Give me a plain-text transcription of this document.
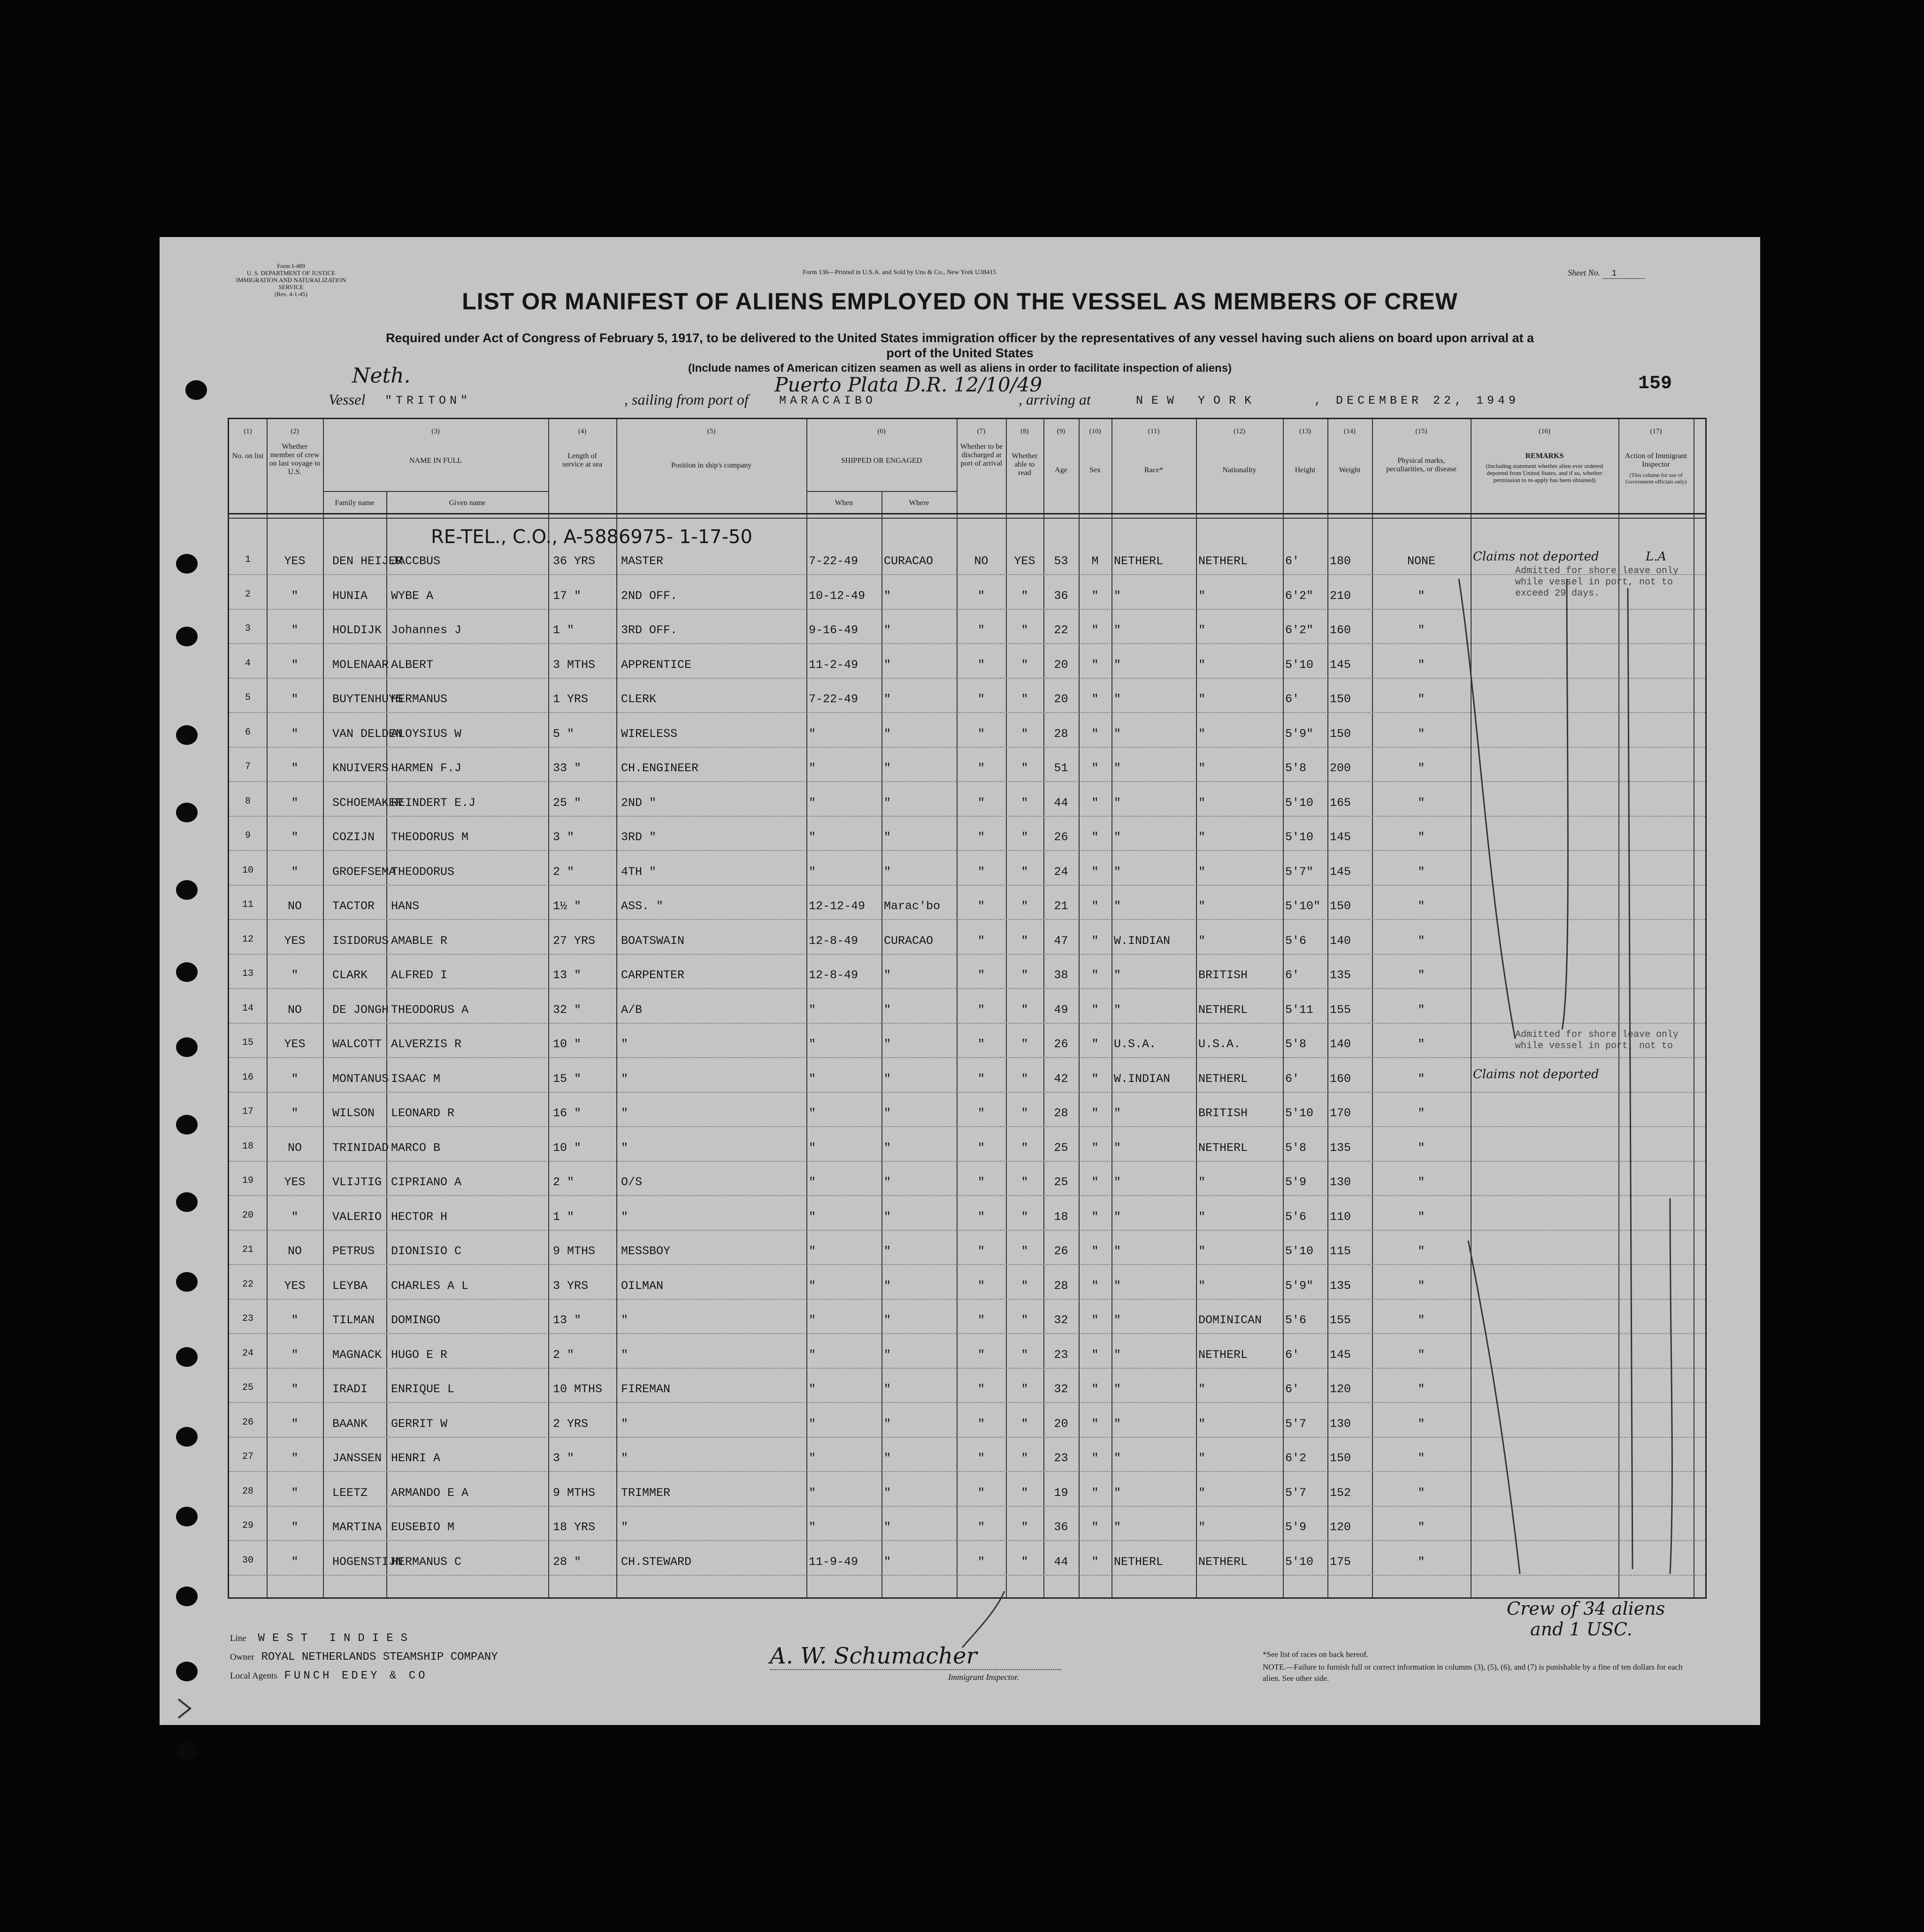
Form I-489
U. S. DEPARTMENT OF JUSTICE
IMMIGRATION AND NATURALIZATION SERVICE
(Rev. 4-1-45)
Form 136—Printed in U.S.A. and Sold by Uns & Co., New York U38415	Sheet No. 1
LIST OR MANIFEST OF ALIENS EMPLOYED ON THE VESSEL AS MEMBERS OF CREW
Required under Act of Congress of February 5, 1917, to be delivered to the United States immigration officer by the representatives of any vessel having such aliens on board upon arrival at a
port of the United States
(Include names of American citizen seamen as well as aliens in order to facilitate inspection of aliens)
Vessel
Neth.
"TRITON"	, sailing from port of
Puerto Plata D.R. 12/10/49
MARACAIBO	, arriving at	NEW YORK	, DECEMBER 22, 1949
159
(1)
No. on list
(2)
Whether member of crew on last voyage to U.S.
(3)
NAME IN FULL
Family name	Given name
(4)
Length of service at sea
(5)
Position in ship's company
(6)
SHIPPED OR ENGAGED
When	Where
(7)
Whether to be discharged at port of arrival
(8)
Whether able to read
(9)
Age
(10)
Sex
(11)
Race*
(12)
Nationality
(13)
Height
(14)
Weight
(15)
Physical marks, peculiarities, or disease
(16)
REMARKS
(Including statement whether alien ever ordered deported from United States, and if so, whether permission to re-apply has been obtained)
(17)
Action of Immigrant Inspector
(This column for use of Government officials only)
RE-TEL., C.O., A-5886975- 1-17-50
1	YES	DEN HEIJER
JACCBUS	36 YRS	MASTER	7-22-49	CURACAO	NO	YES	53	M	NETHERL	NETHERL	6'	180	NONE	Claims not deported	L.A
2	"	HUNIA	WYBE A	17 "	2ND OFF.	10-12-49	"	"	"	36	"	"	"	6'2"	210	"
3	"	HOLDIJK Johannes J	1 "	3RD OFF.	9-16-49	"	"	"	22	"	"	"	6'2"	160	"
4	"	MOLENAAR ALBERT	3 MTHS	APPRENTICE	11-2-49	"	"	"	20	"	"	"	5'10	145	"
5	"	BUYTENHUYS
HERMANUS	1 YRS	CLERK	7-22-49	"	"	"	20	"	"	"	6'	150	"
6	"	VAN DELDEN
ALOYSIUS W	5 "	WIRELESS	"	"	"	"	28	"	"	"	5'9"	150	"
7	"	KNUIVERS HARMEN F.J	33 "	CH.ENGINEER	"	"	"	"	51	"	"	"	5'8	200	"
8	"	SCHOEMAKER
REINDERT E.J	25 "	2ND "	"	"	"	"	44	"	"	"	5'10	165	"
9	"	COZIJN	THEODORUS M	3 "	3RD "	"	"	"	"	26	"	"	"	5'10	145	"
10	"	GROEFSEMA
THEODORUS	2 "	4TH "	"	"	"	"	24	"	"	"	5'7"	145	"
11	NO	TACTOR	HANS	1½ "	ASS. "	12-12-49	Marac'bo	"	"	21	"	"	"	5'10" 150	"
12	YES	ISIDORUS AMABLE R	27 YRS	BOATSWAIN	12-8-49	CURACAO	"	"	47	"	W.INDIAN	"	5'6	140	"
13	"	CLARK	ALFRED I	13 "	CARPENTER	12-8-49	"	"	"	38	"	"	BRITISH	6'	135	"
14	NO	DE JONGH THEODORUS A	32 "	A/B	"	"	"	"	49	"	"	NETHERL	5'11	155	"
15	YES	WALCOTT ALVERZIS R	10 "	"	"	"	"	"	26	"	U.S.A.	U.S.A.	5'8	140	"
16	"	MONTANUS ISAAC M	15 "	"	"	"	"	"	42	"	W.INDIAN	NETHERL	6'	160	"	Claims not deported
17	"	WILSON	LEONARD R	16 "	"	"	"	"	"	28	"	"	BRITISH	5'10	170	"
18	NO	TRINIDAD MARCO B	10 "	"	"	"	"	"	25	"	"	NETHERL	5'8	135	"
19	YES	VLIJTIG CIPRIANO A	2 "	O/S	"	"	"	"	25	"	"	"	5'9	130	"
20	"	VALERIO HECTOR H	1 "	"	"	"	"	"	18	"	"	"	5'6	110	"
21	NO	PETRUS	DIONISIO C	9 MTHS	MESSBOY	"	"	"	"	26	"	"	"	5'10	115	"
22	YES	LEYBA	CHARLES A L	3 YRS	OILMAN	"	"	"	"	28	"	"	"	5'9"	135	"
23	"	TILMAN	DOMINGO	13 "	"	"	"	"	"	32	"	"	DOMINICAN	5'6	155	"
24	"	MAGNACK HUGO E R	2 "	"	"	"	"	"	23	"	"	NETHERL	6'	145	"
25	"	IRADI	ENRIQUE L	10 MTHS	FIREMAN	"	"	"	"	32	"	"	"	6'	120	"
26	"	BAANK	GERRIT W	2 YRS	"	"	"	"	"	20	"	"	"	5'7	130	"
27	"	JANSSEN HENRI A	3 "	"	"	"	"	"	23	"	"	"	6'2	150	"
28	"	LEETZ	ARMANDO E A	9 MTHS	TRIMMER	"	"	"	"	19	"	"	"	5'7	152	"
29	"	MARTINA EUSEBIO M	18 YRS	"	"	"	"	"	36	"	"	"	5'9	120	"
30	"	HOGENSTIJN
HERMANUS C	28 "	CH.STEWARD	11-9-49	"	"	"	44	"	NETHERL	NETHERL	5'10	175	"
Admitted for shore leave only while vessel in port, not to exceed 29 days.
Admitted for shore leave only while vessel in port, not to
Line WEST INDIES
Owner ROYAL NETHERLANDS STEAMSHIP COMPANY
Local Agents FUNCH EDEY & CO
A. W. Schumacher
Immigrant Inspector.
Crew of 34 aliens
and 1 USC.
*See list of races on back hereof.
NOTE.—Failure to furnish full or correct information in columns (3), (5), (6), and (7) is punishable by a fine of ten dollars for each alien. See other side.
